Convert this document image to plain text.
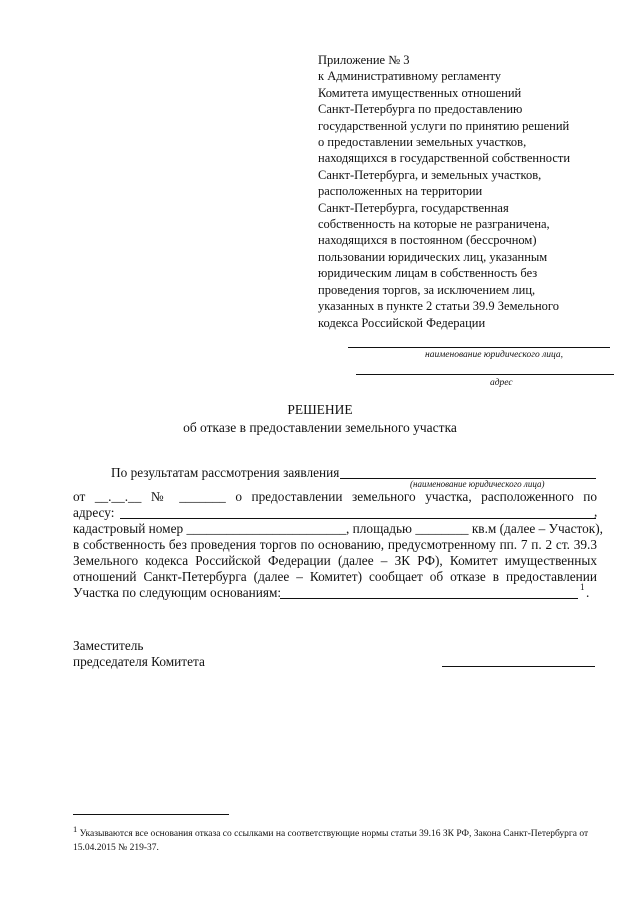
Приложение № 3
к Административному регламенту
Комитета имущественных отношений
Санкт-Петербурга по предоставлению
государственной услуги по принятию решений
о предоставлении земельных участков,
находящихся в государственной собственности
Санкт-Петербурга, и земельных участков,
расположенных на территории
Санкт-Петербурга, государственная
собственность на которые не разграничена,
находящихся в постоянном (бессрочном)
пользовании юридических лиц, указанным
юридическим лицам в собственность без
проведения торгов, за исключением лиц,
указанных в пункте 2 статьи 39.9 Земельного
кодекса Российской Федерации
наименование юридического лица,
адрес
РЕШЕНИЕ
об отказе в предоставлении земельного участка
По результатам рассмотрения заявления
(наименование юридического лица)
от __.__.__ № _______ о предоставлении земельного участка, расположенного по
адресу:	,
кадастровый номер ________________________, площадью ________ кв.м (далее – Участок),
в собственность без проведения торгов по основанию, предусмотренному пп. 7 п. 2 ст. 39.3
Земельного кодекса Российской Федерации (далее – ЗК РФ), Комитет имущественных
отношений Санкт-Петербурга (далее – Комитет) сообщает об отказе в предоставлении
Участка по следующим основаниям:	1 .
Заместитель
председателя Комитета
1 Указываются все основания отказа со ссылками на соответствующие нормы статьи 39.16 ЗК РФ, Закона Санкт-Петербурга от 15.04.2015 № 219-37.
